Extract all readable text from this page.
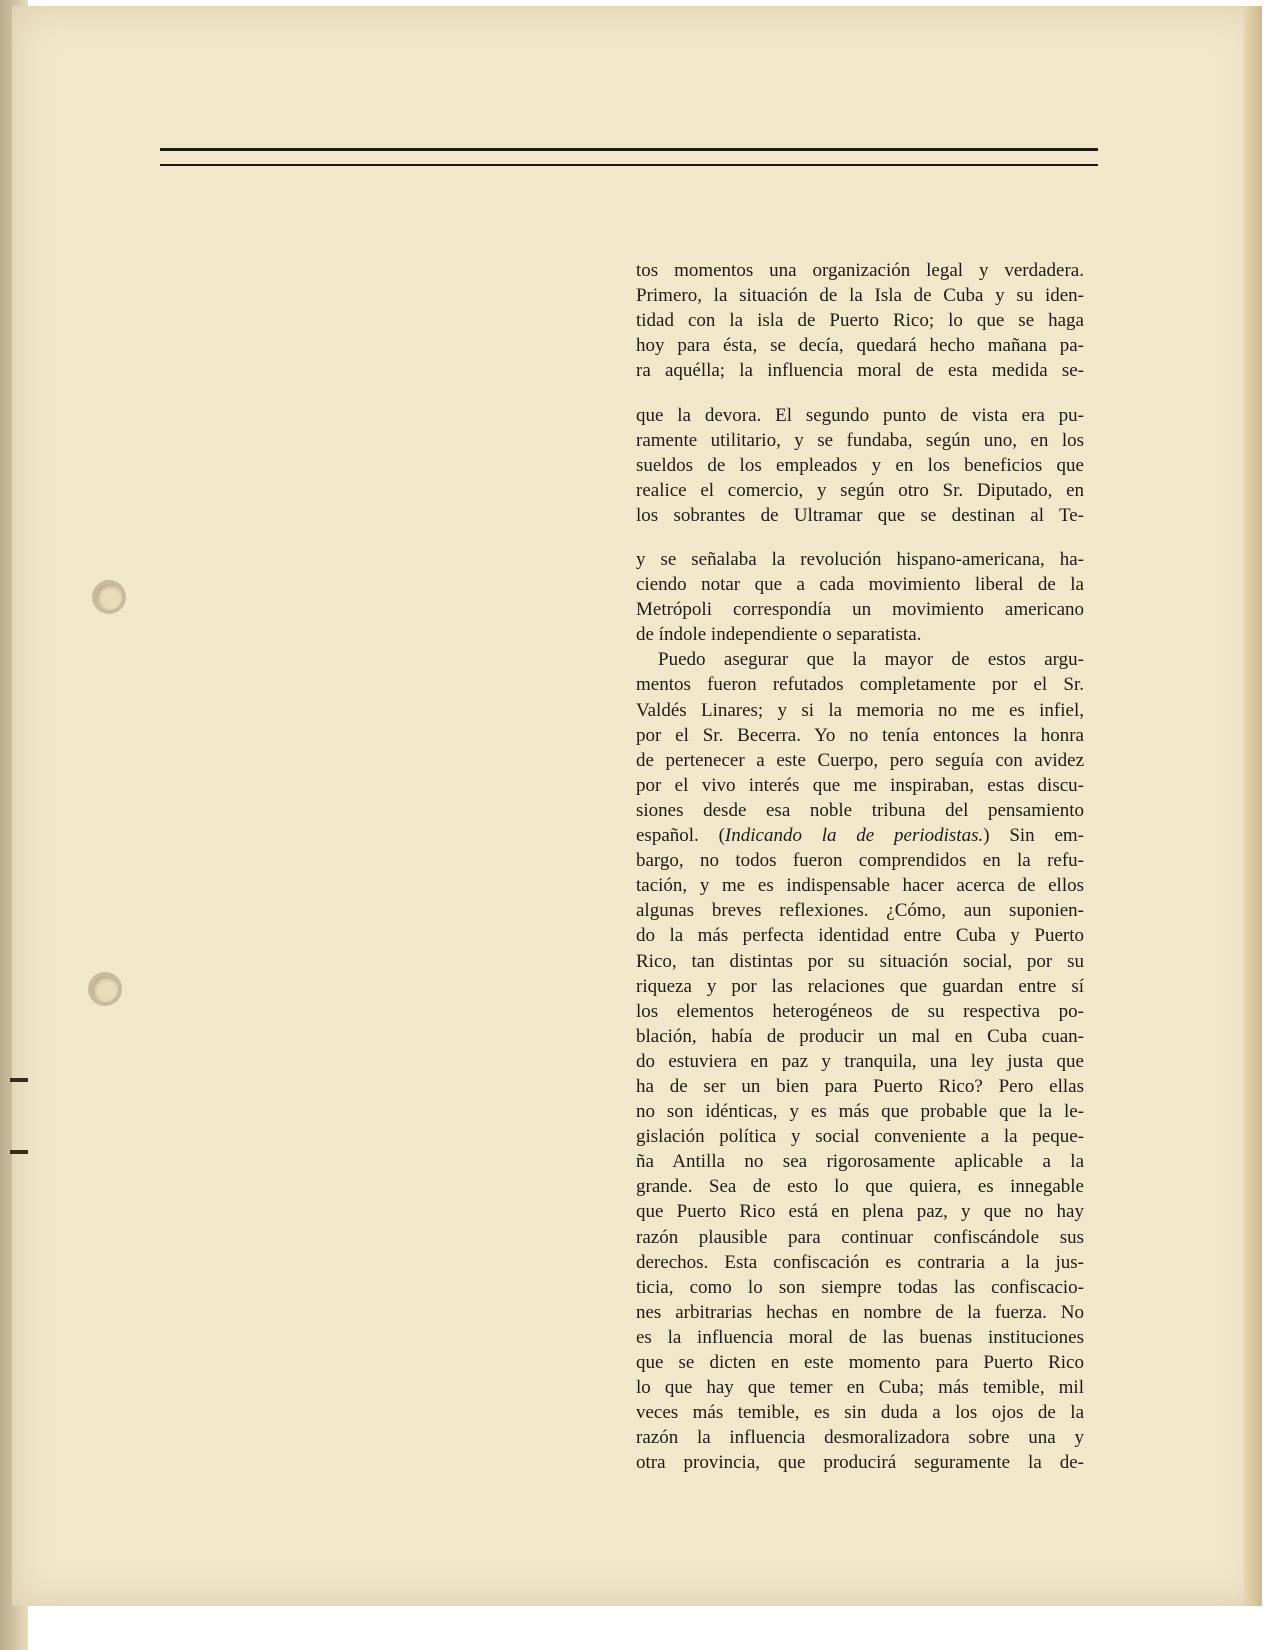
tos momentos una organización legal y verdadera.

Primero, la situación de la Isla de Cuba y su iden-

tidad con la isla de Puerto Rico; lo que se haga

hoy para ésta, se decía, quedará hecho mañana pa-

ra aquélla; la influencia moral de esta medida se-

que la devora. El segundo punto de vista era pu-

ramente utilitario, y se fundaba, según uno, en los

sueldos de los empleados y en los beneficios que

realice el comercio, y según otro Sr. Diputado, en

los sobrantes de Ultramar que se destinan al Te-

y se señalaba la revolución hispano-americana, ha-

ciendo notar que a cada movimiento liberal de la

Metrópoli correspondía un movimiento americano

de índole independiente o separatista.

Puedo asegurar que la mayor de estos argu-

mentos fueron refutados completamente por el Sr.

Valdés Linares; y si la memoria no me es infiel,

por el Sr. Becerra. Yo no tenía entonces la honra

de pertenecer a este Cuerpo, pero seguía con avidez

por el vivo interés que me inspiraban, estas discu-

siones desde esa noble tribuna del pensamiento

español. (Indicando la de periodistas.) Sin em-

bargo, no todos fueron comprendidos en la refu-

tación, y me es indispensable hacer acerca de ellos

algunas breves reflexiones. ¿Cómo, aun suponien-

do la más perfecta identidad entre Cuba y Puerto

Rico, tan distintas por su situación social, por su

riqueza y por las relaciones que guardan entre sí

los elementos heterogéneos de su respectiva po-

blación, había de producir un mal en Cuba cuan-

do estuviera en paz y tranquila, una ley justa que

ha de ser un bien para Puerto Rico? Pero ellas

no son idénticas, y es más que probable que la le-

gislación política y social conveniente a la peque-

ña Antilla no sea rigorosamente aplicable a la

grande. Sea de esto lo que quiera, es innegable

que Puerto Rico está en plena paz, y que no hay

razón plausible para continuar confiscándole sus

derechos. Esta confiscación es contraria a la jus-

ticia, como lo son siempre todas las confiscacio-

nes arbitrarias hechas en nombre de la fuerza. No

es la influencia moral de las buenas instituciones

que se dicten en este momento para Puerto Rico

lo que hay que temer en Cuba; más temible, mil

veces más temible, es sin duda a los ojos de la

razón la influencia desmoralizadora sobre una y

otra provincia, que producirá seguramente la de-
